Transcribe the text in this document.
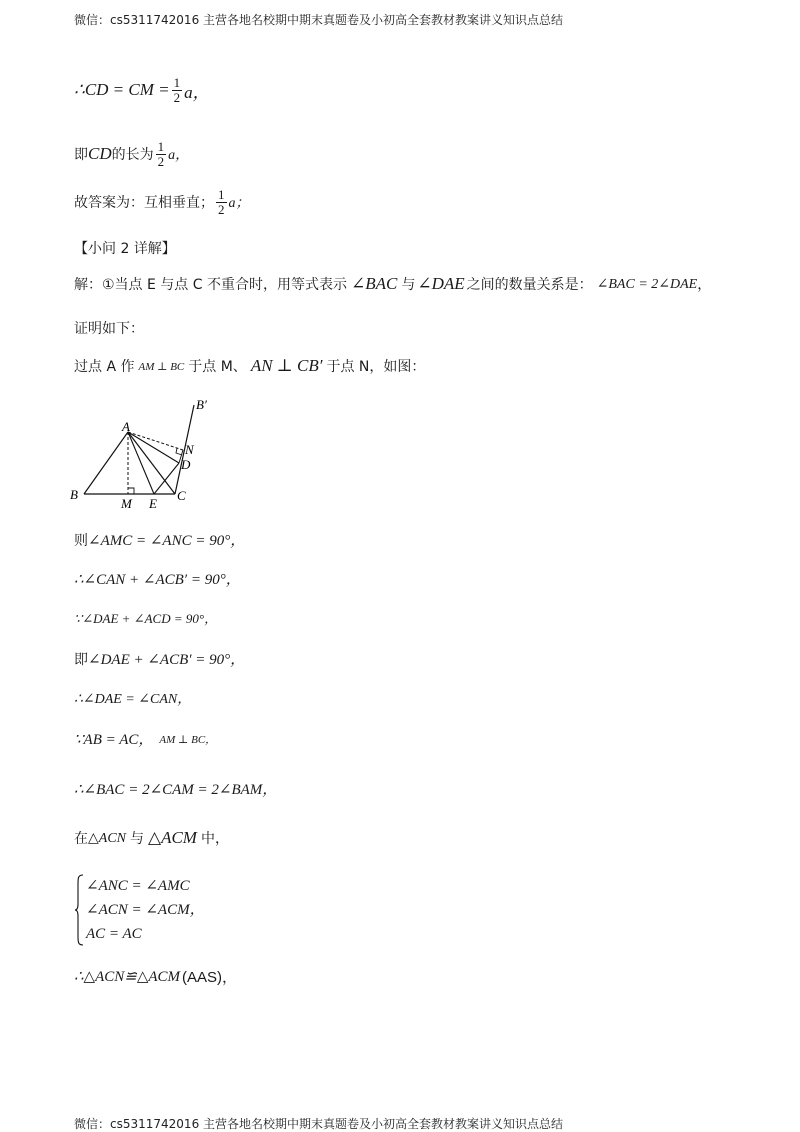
微信：cs5311742016 主营各地名校期中期末真题卷及小初高全套教材教案讲义知识点总结
∴CD = CM = $\frac{1}{2}$ a，
即 CD 的长为 $\frac{1}{2}$ a，
故答案为：互相垂直； $\frac{1}{2}$ a；
【小问 2 详解】
解：①当点 E 与点 C 不重合时，用等式表示 ∠BAC 与 ∠DAE 之间的数量关系是： ∠BAC = 2∠DAE ，
证明如下：
过点 A 作 AM ⊥ BC 于点 M、 AN ⊥ CB′ 于点 N，如图：
A
B	C
D
E
M
N
B′
则 ∠AMC = ∠ANC = 90°，
∴∠CAN + ∠ACB′ = 90°，
∵∠DAE + ∠ACD = 90°，
即 ∠DAE + ∠ACB′ = 90°，
∴∠DAE = ∠CAN，
∵AB = AC， AM ⊥ BC，
∴∠BAC = 2∠CAM = 2∠BAM，
在 △ACN 与 △ACM 中，
∠ANC = ∠AMC
∠ACN = ∠ACM，
AC = AC
∴△ACN≌△ACM (AAS)，
微信：cs5311742016 主营各地名校期中期末真题卷及小初高全套教材教案讲义知识点总结
